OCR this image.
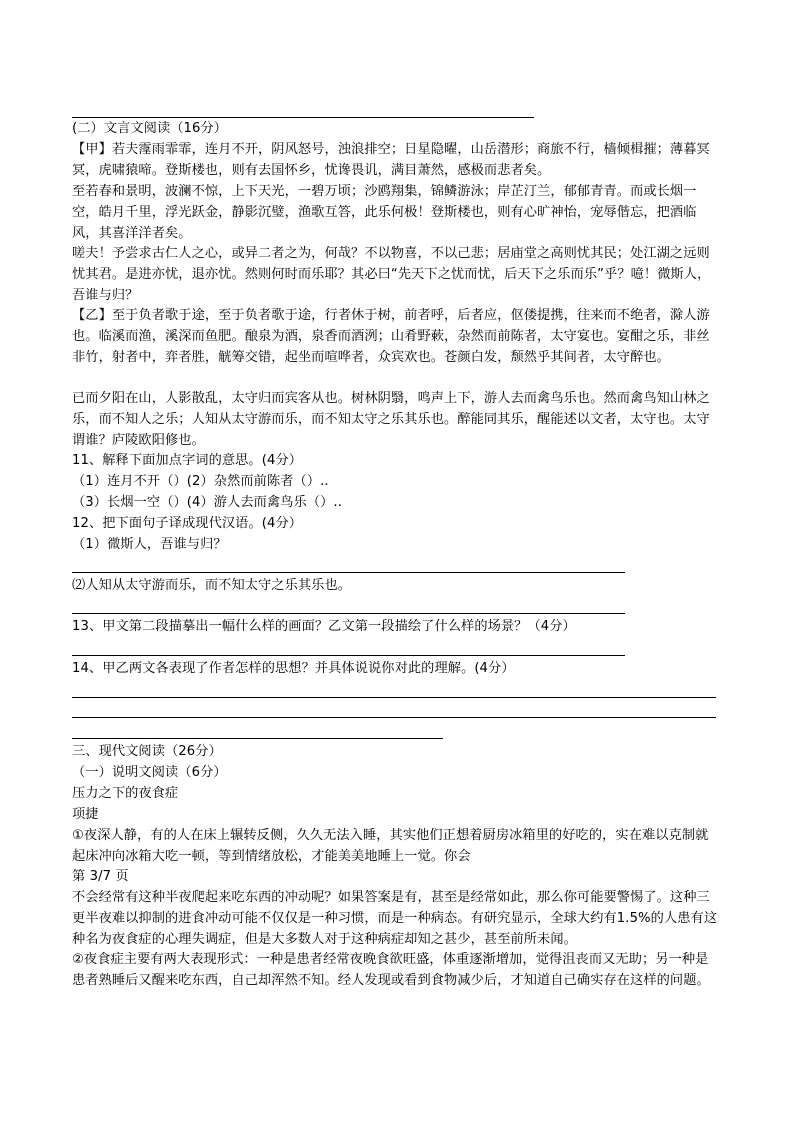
(二）文言文阅读（16分）

【甲】若夫霪雨霏霏，连月不开，阴风怒号，浊浪排空；日星隐曜，山岳潜形；商旅不行，樯倾楫摧；薄暮冥冥，虎啸猿啼。登斯楼也，则有去国怀乡，忧谗畏讥，满目萧然，感极而悲者矣。

至若春和景明，波澜不惊，上下天光，一碧万顷；沙鸥翔集，锦鳞游泳；岸芷汀兰，郁郁青青。而或长烟一空，皓月千里，浮光跃金，静影沉璧，渔歌互答，此乐何极！登斯楼也，则有心旷神怡，宠辱偕忘，把酒临风，其喜洋洋者矣。

嗟夫！予尝求古仁人之心，或异二者之为，何哉？不以物喜，不以己悲；居庙堂之高则忧其民；处江湖之远则忧其君。是进亦忧，退亦忧。然则何时而乐耶？其必曰“先天下之忧而忧，后天下之乐而乐”乎？噫！微斯人，吾谁与归？

【乙】至于负者歌于途，至于负者歌于途，行者休于树，前者呼，后者应，伛偻提携，往来而不绝者，滁人游也。临溪而渔，溪深而鱼肥。酿泉为酒，泉香而酒洌；山肴野蔌，杂然而前陈者，太守宴也。宴酣之乐，非丝非竹，射者中，弈者胜，觥筹交错，起坐而喧哗者，众宾欢也。苍颜白发，颓然乎其间者，太守醉也。

已而夕阳在山，人影散乱，太守归而宾客从也。树林阴翳，鸣声上下，游人去而禽鸟乐也。然而禽鸟知山林之乐，而不知人之乐；人知从太守游而乐，而不知太守之乐其乐也。醉能同其乐，醒能述以文者，太守也。太守谓谁？庐陵欧阳修也。

11、解释下面加点字词的意思。(4分）

（1）连月不开（）(2）杂然而前陈者（）..

（3）长烟一空（）(4）游人去而禽鸟乐（）..

12、把下面句子译成现代汉语。(4分）

（1）微斯人，吾谁与归？

⑵人知从太守游而乐，而不知太守之乐其乐也。

13、甲文第二段描摹出一幅什么样的画面？乙文第一段描绘了什么样的场景？（4分）

14、甲乙两文各表现了作者怎样的思想？并具体说说你对此的理解。(4分）

三、现代文阅读（26分）

（一）说明文阅读（6分）

压力之下的夜食症

项捷

①夜深人静，有的人在床上辗转反侧，久久无法入睡，其实他们正想着厨房冰箱里的好吃的，实在难以克制就起床冲向冰箱大吃一顿，等到情绪放松，才能美美地睡上一觉。你会

第 3/7 页

不会经常有这种半夜爬起来吃东西的冲动呢？如果答案是有，甚至是经常如此，那么你可能要警惕了。这种三更半夜难以抑制的进食冲动可能不仅仅是一种习惯，而是一种病态。有研究显示，全球大约有1.5%的人患有这种名为夜食症的心理失调症，但是大多数人对于这种病症却知之甚少，甚至前所未闻。

②夜食症主要有两大表现形式：一种是患者经常夜晚食欲旺盛，体重逐渐增加，觉得沮丧而又无助；另一种是患者熟睡后又醒来吃东西，自己却浑然不知。经人发现或看到食物减少后，才知道自己确实存在这样的问题。
